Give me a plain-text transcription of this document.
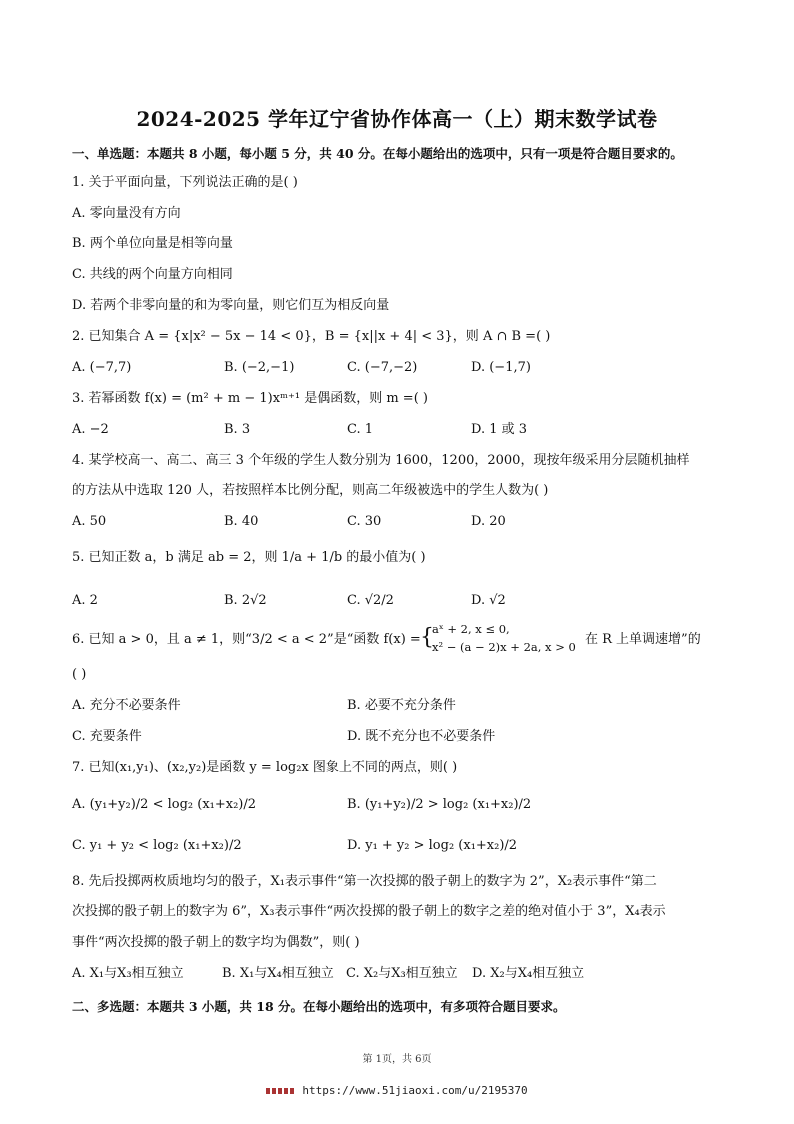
2024-2025 学年辽宁省协作体高一（上）期末数学试卷
一、单选题：本题共 8 小题，每小题 5 分，共 40 分。在每小题给出的选项中，只有一项是符合题目要求的。
1. 关于平面向量，下列说法正确的是( )
A. 零向量没有方向
B. 两个单位向量是相等向量
C. 共线的两个向量方向相同
D. 若两个非零向量的和为零向量，则它们互为相反向量
2. 已知集合 A = {x|x² − 5x − 14 < 0}，B = {x||x + 4| < 3}，则 A ∩ B =( )
A. (−7,7)	B. (−2,−1)	C. (−7,−2)	D. (−1,7)
3. 若幂函数 f(x) = (m² + m − 1)xᵐ⁺¹ 是偶函数，则 m =( )
A. −2	B. 3	C. 1	D. 1 或 3
4. 某学校高一、高二、高三 3 个年级的学生人数分别为 1600，1200，2000，现按年级采用分层随机抽样
的方法从中选取 120 人，若按照样本比例分配，则高二年级被选中的学生人数为( )
A. 50	B. 40	C. 30	D. 20
5. 已知正数 a，b 满足 ab = 2，则 1/a + 1/b 的最小值为( )
A. 2	B. 2√2	C. √2/2	D. √2
6. 已知 a > 0，且 a ≠ 1，则“3/2 < a < 2”是“函数 f(x) = {
aˣ + 2, x ≤ 0,
x² − (a − 2)x + 2a, x > 0 在 R 上单调速增”的
( )
A. 充分不必要条件	B. 必要不充分条件
C. 充要条件	D. 既不充分也不必要条件
7. 已知(x₁,y₁)、(x₂,y₂)是函数 y = log₂x 图象上不同的两点，则( )
A. (y₁+y₂)/2 < log₂ (x₁+x₂)/2	B. (y₁+y₂)/2 > log₂ (x₁+x₂)/2
C. y₁ + y₂ < log₂ (x₁+x₂)/2	D. y₁ + y₂ > log₂ (x₁+x₂)/2
8. 先后投掷两枚质地均匀的骰子，X₁表示事件“第一次投掷的骰子朝上的数字为 2”，X₂表示事件“第二
次投掷的骰子朝上的数字为 6”，X₃表示事件“两次投掷的骰子朝上的数字之差的绝对值小于 3”，X₄表示
事件“两次投掷的骰子朝上的数字均为偶数”，则( )
A. X₁与X₃相互独立	B. X₁与X₄相互独立 C. X₂与X₃相互独立 D. X₂与X₄相互独立
二、多选题：本题共 3 小题，共 18 分。在每小题给出的选项中，有多项符合题目要求。
第 1页，共 6页
https://www.51jiaoxi.com/u/2195370
